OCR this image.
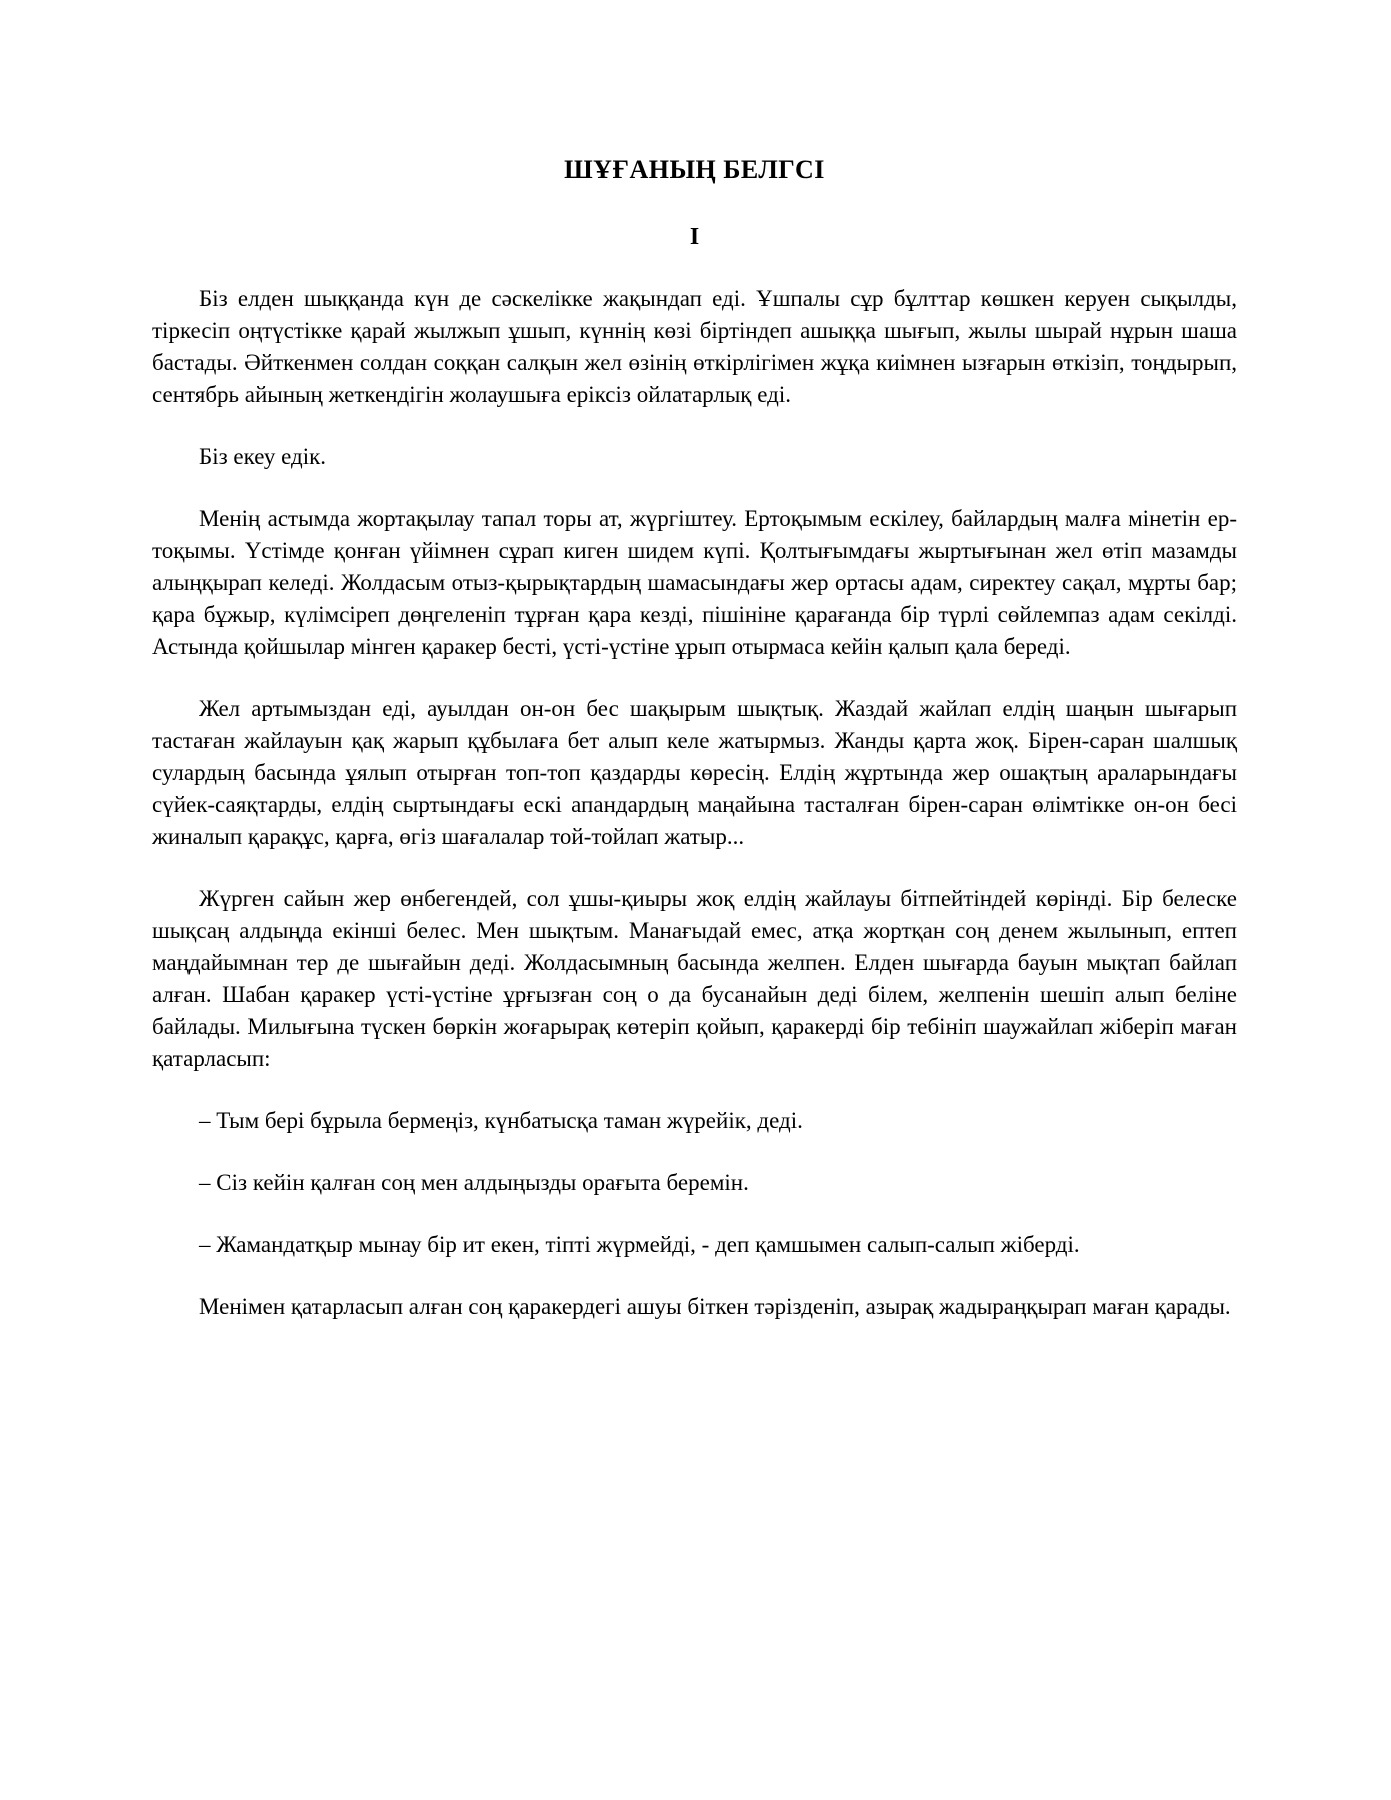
ШҰҒАНЫҢ БЕЛГСІ
І

Біз елден шыққанда күн де сәскелікке жақындап еді. Ұшпалы сұр бұлттар көшкен керуен сықылды, тіркесіп оңтүстікке қарай жылжып ұшып, күннің көзі біртіндеп ашыққа шығып, жылы шырай нұрын шаша бастады. Әйткенмен солдан соққан салқын жел өзінің өткірлігімен жұқа киімнен ызғарын өткізіп, тоңдырып, сентябрь айының жеткендігін жолаушыға еріксіз ойлатарлық еді.

Біз екеу едік.

Менің астымда жортақылау тапал торы ат, жүргіштеу. Ертоқымым ескілеу, байлардың малға мінетін ер-тоқымы. Үстімде қонған үйімнен сұрап киген шидем күпі. Қолтығымдағы жыртығынан жел өтіп мазамды алыңқырап келеді. Жолдасым отыз-қырықтардың шамасындағы жер ортасы адам, сиректеу сақал, мұрты бар; қара бұжыр, күлімсіреп дөңгеленіп тұрған қара кезді, пішініне қарағанда бір түрлі сөйлемпаз адам секілді. Астында қойшылар мінген қаракер бесті, үсті-үстіне ұрып отырмаса кейін қалып қала береді.

Жел артымыздан еді, ауылдан он-он бес шақырым шықтық. Жаздай жайлап елдің шаңын шығарып тастаған жайлауын қақ жарып құбылаға бет алып келе жатырмыз. Жанды қарта жоқ. Бірен-саран шалшық сулардың басында ұялып отырған топ-топ қаздарды көресің. Елдің жұртында жер ошақтың араларындағы сүйек-саяқтарды, елдің сыртындағы ескі апандардың маңайына тасталған бірен-саран өлімтікке он-он бесі жиналып қарақұс, қарға, өгіз шағалалар той-тойлап жатыр...

Жүрген сайын жер өнбегендей, сол ұшы-қиыры жоқ елдің жайлауы бітпейтіндей көрінді. Бір белеске шықсаң алдыңда екінші белес. Мен шықтым. Манағыдай емес, атқа жортқан соң денем жылынып, ептеп маңдайымнан тер де шығайын деді. Жолдасымның басында желпен. Елден шығарда бауын мықтап байлап алған. Шабан қаракер үсті-үстіне ұрғызған соң о да бусанайын деді білем, желпенін шешіп алып беліне байлады. Милығына түскен бөркін жоғарырақ көтеріп қойып, қаракерді бір тебініп шаужайлап жіберіп маған қатарласып:

– Тым бері бұрыла бермеңіз, күнбатысқа таман жүрейік, деді.

– Сіз кейін қалған соң мен алдыңызды орағыта беремін.

– Жамандатқыр мынау бір ит екен, тіпті жүрмейді, - деп қамшымен салып-салып жіберді.

Менімен қатарласып алған соң қаракердегі ашуы біткен тәрізденіп, азырақ жадыраңқырап маған қарады.
